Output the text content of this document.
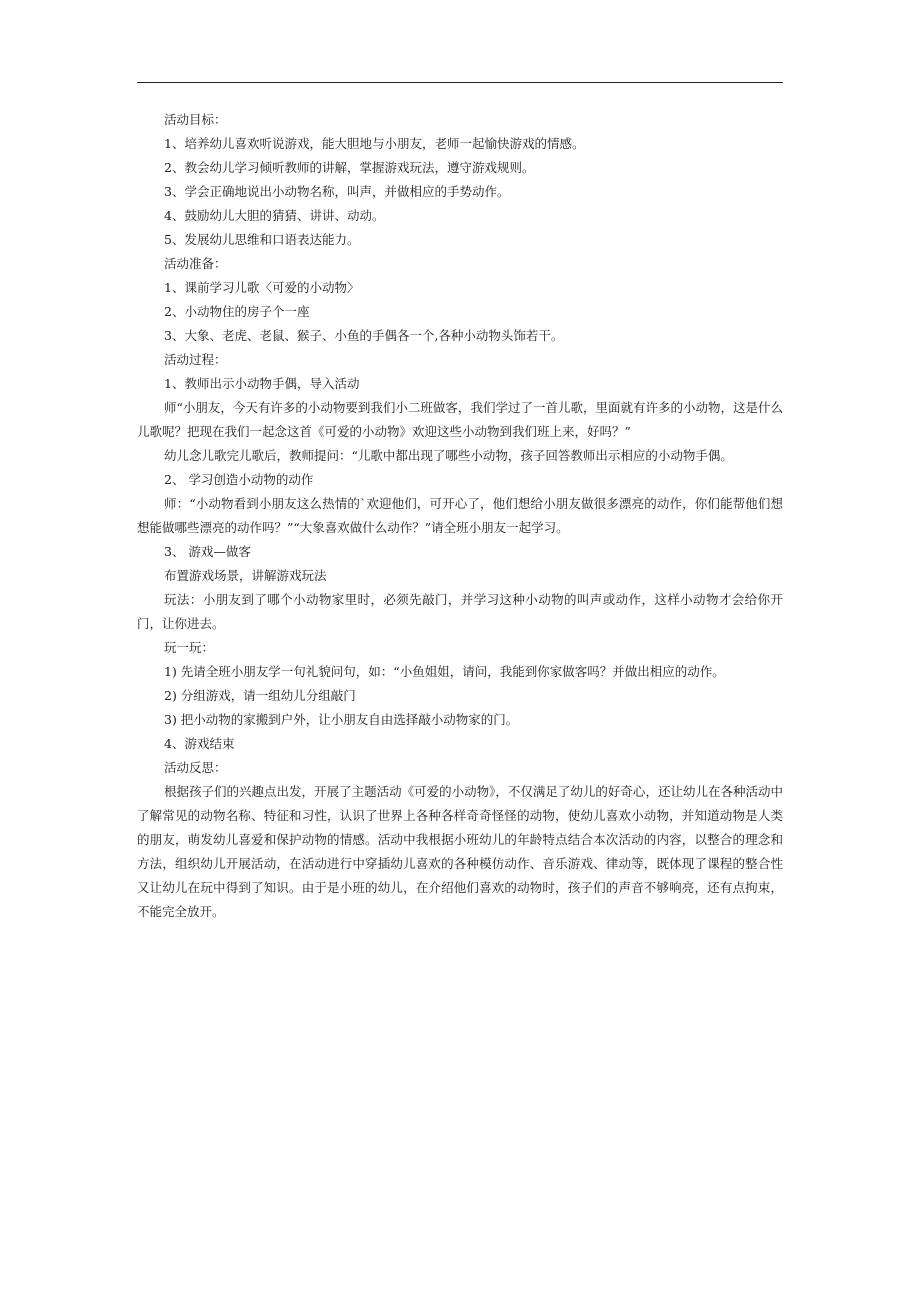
活动目标：

1、培养幼儿喜欢听说游戏，能大胆地与小朋友，老师一起愉快游戏的情感。

2、教会幼儿学习倾听教师的讲解，掌握游戏玩法，遵守游戏规则。

3、学会正确地说出小动物名称，叫声，并做相应的手势动作。

4、鼓励幼儿大胆的猜猜、讲讲、动动。

5、发展幼儿思维和口语表达能力。

活动准备：

1、课前学习儿歌〈可爱的小动物〉

2、小动物住的房子个一座

3、大象、老虎、老鼠、猴子、小鱼的手偶各一个,各种小动物头饰若干。

活动过程：

1、教师出示小动物手偶，导入活动

师“小朋友，今天有许多的小动物要到我们小二班做客，我们学过了一首儿歌，里面就有许多的小动物，这是什么儿歌呢？把现在我们一起念这首《可爱的小动物》欢迎这些小动物到我们班上来，好吗？”

幼儿念儿歌完儿歌后，教师提问：“儿歌中都出现了哪些小动物，孩子回答教师出示相应的小动物手偶。

2、 学习创造小动物的动作

师：“小动物看到小朋友这么热情的`欢迎他们，可开心了，他们想给小朋友做很多漂亮的动作，你们能帮他们想想能做哪些漂亮的动作吗？”“大象喜欢做什么动作？”请全班小朋友一起学习。

3、 游戏—做客

布置游戏场景，讲解游戏玩法

玩法：小朋友到了哪个小动物家里时，必须先敲门，并学习这种小动物的叫声或动作，这样小动物才会给你开门，让你进去。

玩一玩：

1) 先请全班小朋友学一句礼貌问句，如：“小鱼姐姐，请问，我能到你家做客吗？并做出相应的动作。

2) 分组游戏，请一组幼儿分组敲门

3) 把小动物的家搬到户外，让小朋友自由选择敲小动物家的门。

4、游戏结束

活动反思：

根据孩子们的兴趣点出发，开展了主题活动《可爱的小动物》，不仅满足了幼儿的好奇心，还让幼儿在各种活动中了解常见的动物名称、特征和习性，认识了世界上各种各样奇奇怪怪的动物，使幼儿喜欢小动物，并知道动物是人类的朋友，萌发幼儿喜爱和保护动物的情感。活动中我根据小班幼儿的年龄特点结合本次活动的内容，以整合的理念和方法，组织幼儿开展活动，在活动进行中穿插幼儿喜欢的各种模仿动作、音乐游戏、律动等，既体现了课程的整合性又让幼儿在玩中得到了知识。由于是小班的幼儿，在介绍他们喜欢的动物时，孩子们的声音不够响亮，还有点拘束，不能完全放开。
